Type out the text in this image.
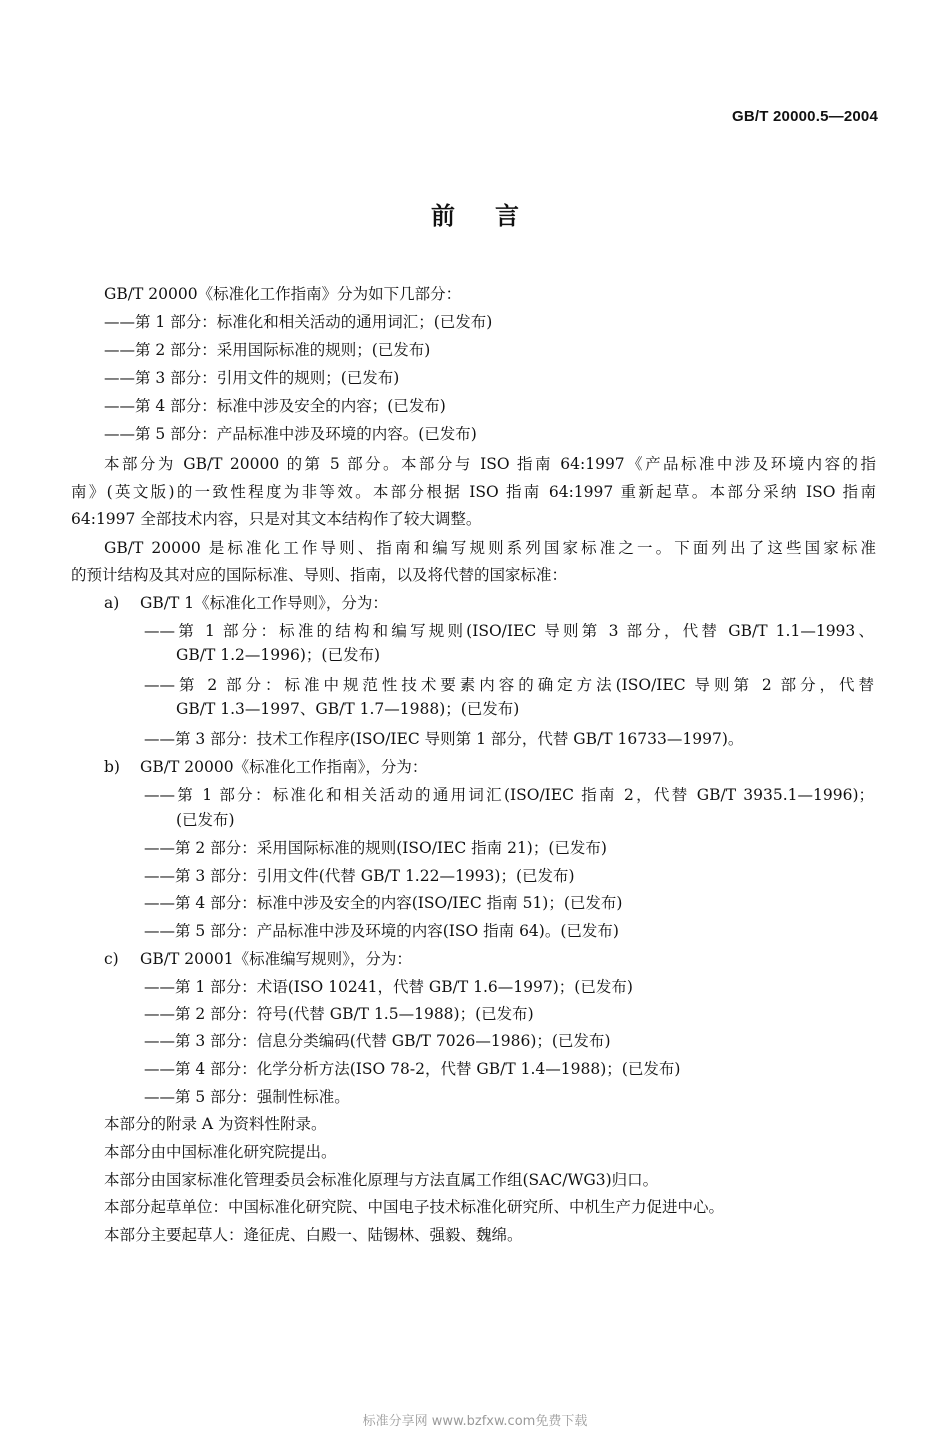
GB/T 20000.5—2004
前言
GB/T 20000《标准化工作指南》分为如下几部分：
——第 1 部分：标准化和相关活动的通用词汇；(已发布)
——第 2 部分：采用国际标准的规则；(已发布)
——第 3 部分：引用文件的规则；(已发布)
——第 4 部分：标准中涉及安全的内容；(已发布)
——第 5 部分：产品标准中涉及环境的内容。(已发布)
本部分为 GB/T 20000 的第 5 部分。本部分与 ISO 指南 64:1997《产品标准中涉及环境内容的指
南》(英文版)的一致性程度为非等效。本部分根据 ISO 指南 64:1997 重新起草。本部分采纳 ISO 指南
64:1997 全部技术内容，只是对其文本结构作了较大调整。
GB/T 20000 是标准化工作导则、指南和编写规则系列国家标准之一。下面列出了这些国家标准
的预计结构及其对应的国际标准、导则、指南，以及将代替的国家标准：
a) GB/T 1《标准化工作导则》，分为：
——第 1 部分：标准的结构和编写规则(ISO/IEC 导则第 3 部分，代替 GB/T 1.1—1993、
GB/T 1.2—1996)；(已发布)
——第 2 部分：标准中规范性技术要素内容的确定方法(ISO/IEC 导则第 2 部分，代替
GB/T 1.3—1997、GB/T 1.7—1988)；(已发布)
——第 3 部分：技术工作程序(ISO/IEC 导则第 1 部分，代替 GB/T 16733—1997)。
b) GB/T 20000《标准化工作指南》，分为：
——第 1 部分：标准化和相关活动的通用词汇(ISO/IEC 指南 2，代替 GB/T 3935.1—1996)；
(已发布)
——第 2 部分：采用国际标准的规则(ISO/IEC 指南 21)；(已发布)
——第 3 部分：引用文件(代替 GB/T 1.22—1993)；(已发布)
——第 4 部分：标准中涉及安全的内容(ISO/IEC 指南 51)；(已发布)
——第 5 部分：产品标准中涉及环境的内容(ISO 指南 64)。(已发布)
c) GB/T 20001《标准编写规则》，分为：
——第 1 部分：术语(ISO 10241，代替 GB/T 1.6—1997)；(已发布)
——第 2 部分：符号(代替 GB/T 1.5—1988)；(已发布)
——第 3 部分：信息分类编码(代替 GB/T 7026—1986)；(已发布)
——第 4 部分：化学分析方法(ISO 78-2，代替 GB/T 1.4—1988)；(已发布)
——第 5 部分：强制性标准。
本部分的附录 A 为资料性附录。
本部分由中国标准化研究院提出。
本部分由国家标准化管理委员会标准化原理与方法直属工作组(SAC/WG3)归口。
本部分起草单位：中国标准化研究院、中国电子技术标准化研究所、中机生产力促进中心。
本部分主要起草人：逄征虎、白殿一、陆锡林、强毅、魏绵。
标准分享网 www.bzfxw.com免费下载
